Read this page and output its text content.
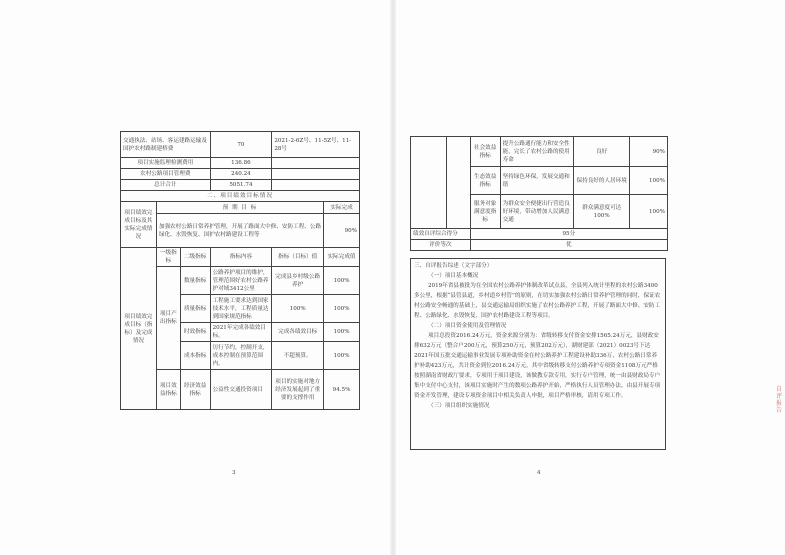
交通执法、站场、客运建路运输及国护农村路制建桥费			70	2021-2-6Z号、11-5Z号、11-28号	
项目实施监理检测费用			136.86		
农村公路项目管理费			240.24		
总计合计			5051.74		
二、项目绩效目标情况					
项目绩效完成目标及其实际完成情况	预 期 目 标				实际完成
	加强农村公路日常养护管理，开展了路面大中修、安防工程、公路绿化、水毁恢复、国护农村路建设工程等				90%
项目绩效完成目标（指标）及完成情况	一级指标	二级指标	指标内容	指标（目标）值	实际完成值
	项目产出指标	数量指标	公路养护项目的维护，管理范围好农村公路养护对域3412公里	完成县乡村级公路养护	100%
		质量指标	工程施工要求达到国家技术水平，工程质量达到国家规范指标	100%	100%
		时效指标	2021年完成各绩效目标。	完成各绩效目标	100%
		成本指标	厉行节约，控制开支，成本控制在预算范围内。	不超预算。	100%
	项目效益指标	经济效益指标	公益性交通投资项目	项目的实施对地方经济发展起到了重要的支撑作用	94.5%
3
		社会效益指标	提升公路通行能力和安全性能，完长了农村公路的使用寿命	良好	90%
		生态效益指标	坚持绿色环保，发展交通和谐	保持良好的人居环境	100%
		服务对象满意度指标	为群众安全便捷出行营造良好环境，带动增加人民满意交通	群众满意度可达100%	100%
绩效自评综合得分		95分			
评价等次		优			
三、自评报告综述（文字部分）
（一）项目基本概况
2019年省县被批为在全国农村公路养护体制改革试点县，全县列入统计里程的农村公路3400多公里，根据“县管县道，乡村道乡村管”的原则，在切实加强农村公路日常养护管理的同时，保证农村公路安全畅通的基础上，县交通运输局组织实施了农村公路养护工程，开展了路面大中修、安防工程、公路绿化、水毁恢复、国护农村路建设工程等项目。
（二）项目资金使用及管理情况
项目总投资2016.24万元，资金来源分别为：省级转移支付资金安排1565.24万元，县财政安排632万元（整合户200万元，预算250万元，预算202万元），湖财建部（2021）0023号下达2021年国五批交通运输事业发展专项补助资金在村公路养护工程建设补助336万，农村公路日常养护补助423万元，共计资金到位2016.24万元，其中省级转移支付公路养护专项资金1108万元严格按照湖南省财政厅要求，专项用于项目建设，该做教专款专用，实行专户管理，统一由县财政局专户集中支付中心支付，该项目实施时产生的数项公路养护开始，严格执行人员管理办法，由县开展专项资金开发管理，建设专项资金项目中相关负责人申批，项目严格审核，请用专项工作。
（三）项目组织实施情况
4
自 评 报 告
